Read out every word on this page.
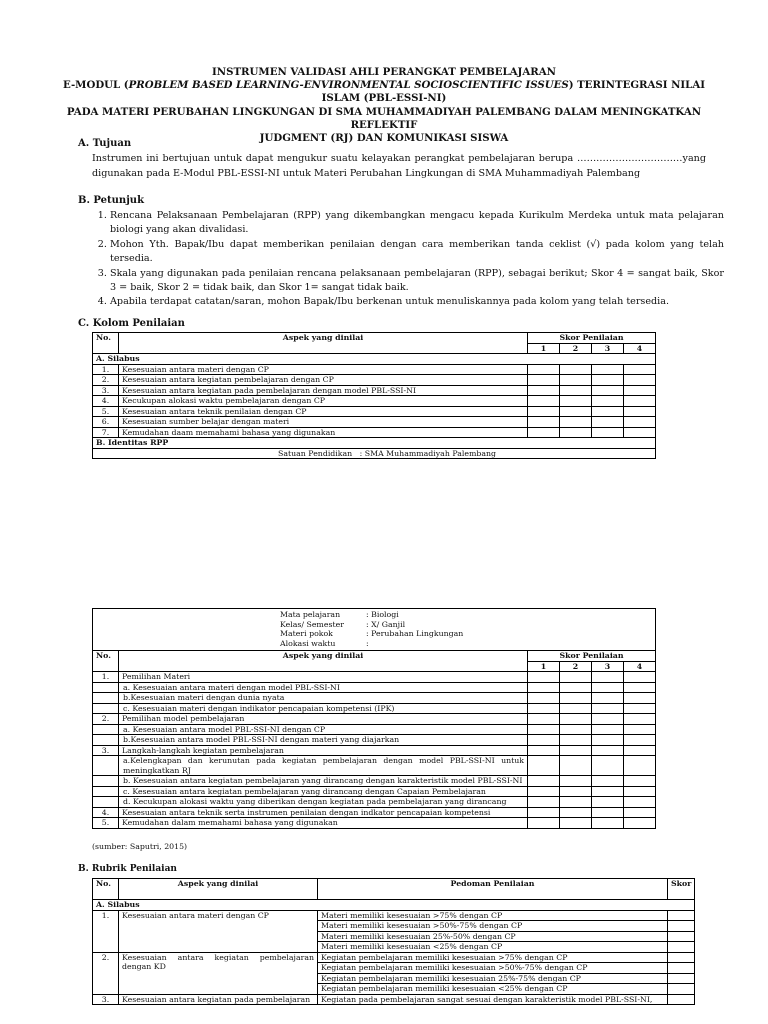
INSTRUMEN VALIDASI AHLI PERANGKAT PEMBELAJARAN
E-MODUL (PROBLEM BASED LEARNING-ENVIRONMENTAL SOCIOSCIENTIFIC ISSUES) TERINTEGRASI NILAI ISLAM (PBL-ESSI-NI)
PADA MATERI PERUBAHAN LINGKUNGAN DI SMA MUHAMMADIYAH PALEMBANG DALAM MENINGKATKAN REFLEKTIF
JUDGMENT (RJ) DAN KOMUNIKASI SISWA
A. Tujuan
Instrumen ini bertujuan untuk dapat mengukur suatu kelayakan perangkat pembelajaran berupa ……………………………yang digunakan pada E-Modul PBL-ESSI-NI untuk Materi Perubahan Lingkungan di SMA Muhammadiyah Palembang
B. Petunjuk
1. Rencana Pelaksanaan Pembelajaran (RPP) yang dikembangkan mengacu kepada Kurikulm Merdeka untuk mata pelajaran biologi yang akan divalidasi.
2. Mohon Yth. Bapak/Ibu dapat memberikan penilaian dengan cara memberikan tanda ceklist (√) pada kolom yang telah tersedia.
3. Skala yang digunakan pada penilaian rencana pelaksanaan pembelajaran (RPP), sebagai berikut; Skor 4 = sangat baik, Skor 3 = baik, Skor 2 = tidak baik, dan Skor 1= sangat tidak baik.
4. Apabila terdapat catatan/saran, mohon Bapak/Ibu berkenan untuk menuliskannya pada kolom yang telah tersedia.
C. Kolom Penilaian
No.	Aspek yang dinilai	Skor Penilaian			
		1	2	3	4
A. Silabus					
1.	Kesesuaian antara materi dengan CP				
2.	Kesesuaian antara kegiatan pembelajaran dengan CP				
3.	Kesesuaian antara kegiatan pada pembelajaran dengan model PBL-SSI-NI				
4.	Kecukupan alokasi waktu pembelajaran dengan CP				
5.	Kesesuaian antara teknik penilaian dengan CP				
6.	Kesesuaian sumber belajar dengan materi				
7.	Kemudahan daam memahami bahasa yang digunakan				
B. Identitas RPP					
Satuan Pendidikan : SMA Muhammadiyah Palembang					
Mata pelajaran	: Biologi
Kelas/ Semester	: X/ Ganjil
Materi pokok	: Perubahan Lingkungan
Alokasi waktu	:

No.	Aspek yang dinilai	Skor Penilaian
1	2	3	4
1.	Pemilihan Materi				
	a. Kesesuaian antara materi dengan model PBL-SSI-NI				
	b.Kesesuaian materi dengan dunia nyata				
	c. Kesesuaian materi dengan indikator pencapaian kompetensi (IPK)				
2.	Pemilihan model pembelajaran				
	a. Kesesuaian antara model PBL-SSI-NI dengan CP				
	b.Kesesuaian antara model PBL-SSI-NI dengan materi yang diajarkan				
3.	Langkah-langkah kegiatan pembelajaran				
	a.Kelengkapan dan kerunutan pada kegiatan pembelajaran dengan model PBL-SSI-NI untuk meningkatkan RJ				
	b. Kesesuaian antara kegiatan pembelajaran yang dirancang dengan karakteristik model PBL-SSI-NI				
	c. Kesesuaian antara kegiatan pembelajaran yang dirancang dengan Capaian Pembelajaran				
	d. Kecukupan alokasi waktu yang diberikan dengan kegiatan pada pembelajaran yang dirancang				
4.	Kesesuaian antara teknik serta instrumen penilaian dengan indkator pencapaian kompetensi				
5.	Kemudahan dalam memahami bahasa yang digunakan				
(sumber: Saputri, 2015)
B. Rubrik Penilaian
No.	Aspek yang dinilai	Pedoman Penilaian	Skor
A. Silabus			
1.	Kesesuaian antara materi dengan CP	Materi memiliki kesesuaian >75% dengan CP	
		Materi memiliki kesesuaian >50%-75% dengan CP	
		Materi memiliki kesesuaian 25%-50% dengan CP	
		Materi memiliki kesesuaian <25% dengan CP	
2.	Kesesuaian antara kegiatan pembelajaran dengan KD	Kegiatan pembelajaran memiliki kesesuaian >75% dengan CP	
		Kegiatan pembelajaran memiliki kesesuaian >50%-75% dengan CP	
		Kegiatan pembelajaran memiliki kesesuaian 25%-75% dengan CP	
		Kegiatan pembelajaran memiliki kesesuaian <25% dengan CP	
3.	Kesesuaian antara kegiatan pada pembelajaran	Kegiatan pada pembelajaran sangat sesuai dengan karakteristik model PBL-SSI-NI,	
